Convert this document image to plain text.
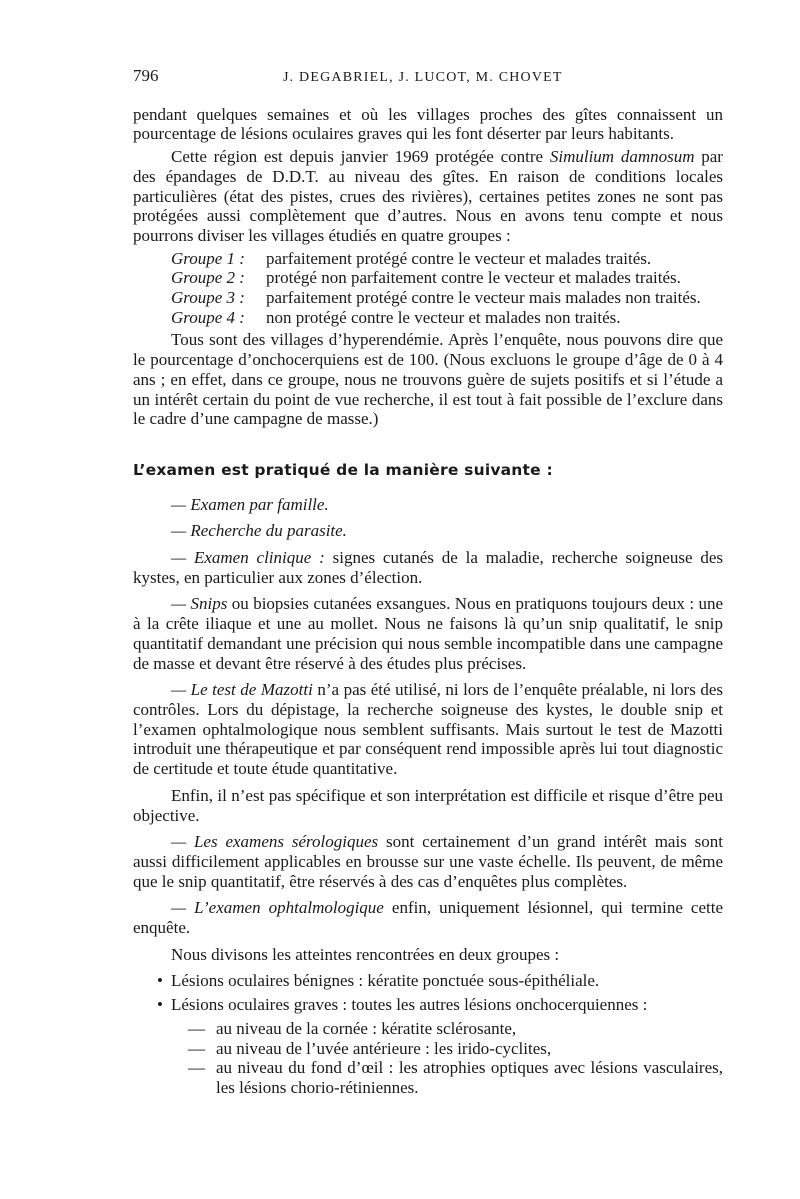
796	J. DEGABRIEL, J. LUCOT, M. CHOVET

pendant quelques semaines et où les villages proches des gîtes connaissent un pourcentage de lésions oculaires graves qui les font déserter par leurs habitants.

Cette région est depuis janvier 1969 protégée contre Simulium damnosum par des épandages de D.D.T. au niveau des gîtes. En raison de conditions locales particulières (état des pistes, crues des rivières), certaines petites zones ne sont pas protégées aussi complètement que d’autres. Nous en avons tenu compte et nous pourrons diviser les villages étudiés en quatre groupes :

Groupe 1 :	parfaitement protégé contre le vecteur et malades traités.
Groupe 2 :	protégé non parfaitement contre le vecteur et malades traités.
Groupe 3 :	parfaitement protégé contre le vecteur mais malades non traités.
Groupe 4 :	non protégé contre le vecteur et malades non traités.

Tous sont des villages d’hyperendémie. Après l’enquête, nous pouvons dire que le pourcentage d’onchocerquiens est de 100. (Nous excluons le groupe d’âge de 0 à 4 ans ; en effet, dans ce groupe, nous ne trouvons guère de sujets positifs et si l’étude a un intérêt certain du point de vue recherche, il est tout à fait possible de l’exclure dans le cadre d’une campagne de masse.)

L’examen est pratiqué de la manière suivante :

— Examen par famille.

— Recherche du parasite.

— Examen clinique : signes cutanés de la maladie, recherche soigneuse des kystes, en particulier aux zones d’élection.

— Snips ou biopsies cutanées exsangues. Nous en pratiquons toujours deux : une à la crête iliaque et une au mollet. Nous ne faisons là qu’un snip qualitatif, le snip quantitatif demandant une précision qui nous semble incompatible dans une campagne de masse et devant être réservé à des études plus précises.

— Le test de Mazotti n’a pas été utilisé, ni lors de l’enquête préalable, ni lors des contrôles. Lors du dépistage, la recherche soigneuse des kystes, le double snip et l’examen ophtalmologique nous semblent suffisants. Mais surtout le test de Mazotti introduit une thérapeutique et par conséquent rend impossible après lui tout diagnostic de certitude et toute étude quantitative.

Enfin, il n’est pas spécifique et son interprétation est difficile et risque d’être peu objective.

— Les examens sérologiques sont certainement d’un grand intérêt mais sont aussi difficilement applicables en brousse sur une vaste échelle. Ils peuvent, de même que le snip quantitatif, être réservés à des cas d’enquêtes plus complètes.

— L’examen ophtalmologique enfin, uniquement lésionnel, qui termine cette enquête.

Nous divisons les atteintes rencontrées en deux groupes :

• Lésions oculaires bénignes : kératite ponctuée sous-épithéliale.
• Lésions oculaires graves : toutes les autres lésions onchocerquiennes :
— au niveau de la cornée : kératite sclérosante,
— au niveau de l’uvée antérieure : les irido-cyclites,
— au niveau du fond d’œil : les atrophies optiques avec lésions vasculaires, les lésions chorio-rétiniennes.
